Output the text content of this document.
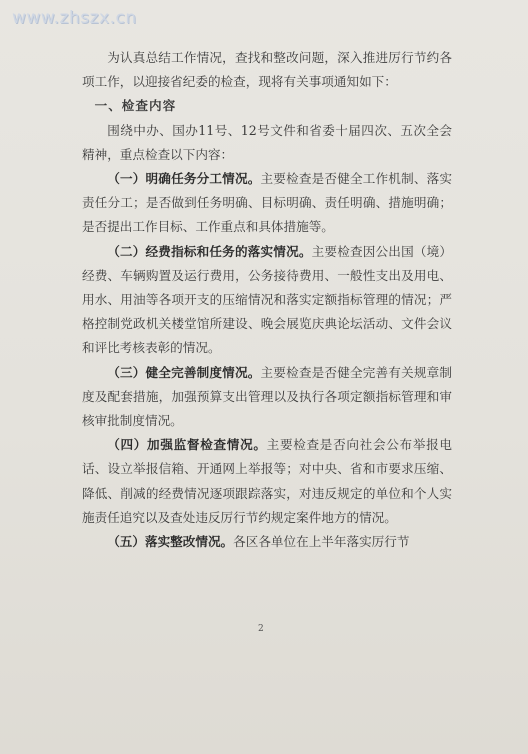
www.zhszx.cn

为认真总结工作情况，查找和整改问题，深入推进厉行节约各项工作，以迎接省纪委的检查，现将有关事项通知如下：

一、检查内容

围绕中办、国办11号、12号文件和省委十届四次、五次全会精神，重点检查以下内容：

（一）明确任务分工情况。主要检查是否健全工作机制、落实责任分工；是否做到任务明确、目标明确、责任明确、措施明确；是否提出工作目标、工作重点和具体措施等。

（二）经费指标和任务的落实情况。主要检查因公出国（境）经费、车辆购置及运行费用，公务接待费用、一般性支出及用电、用水、用油等各项开支的压缩情况和落实定额指标管理的情况；严格控制党政机关楼堂馆所建设、晚会展览庆典论坛活动、文件会议和评比考核表彰的情况。

（三）健全完善制度情况。主要检查是否健全完善有关规章制度及配套措施，加强预算支出管理以及执行各项定额指标管理和审核审批制度情况。

（四）加强监督检查情况。主要检查是否向社会公布举报电话、设立举报信箱、开通网上举报等；对中央、省和市要求压缩、降低、削减的经费情况逐项跟踪落实，对违反规定的单位和个人实施责任追究以及查处违反厉行节约规定案件地方的情况。

（五）落实整改情况。各区各单位在上半年落实厉行节

2
